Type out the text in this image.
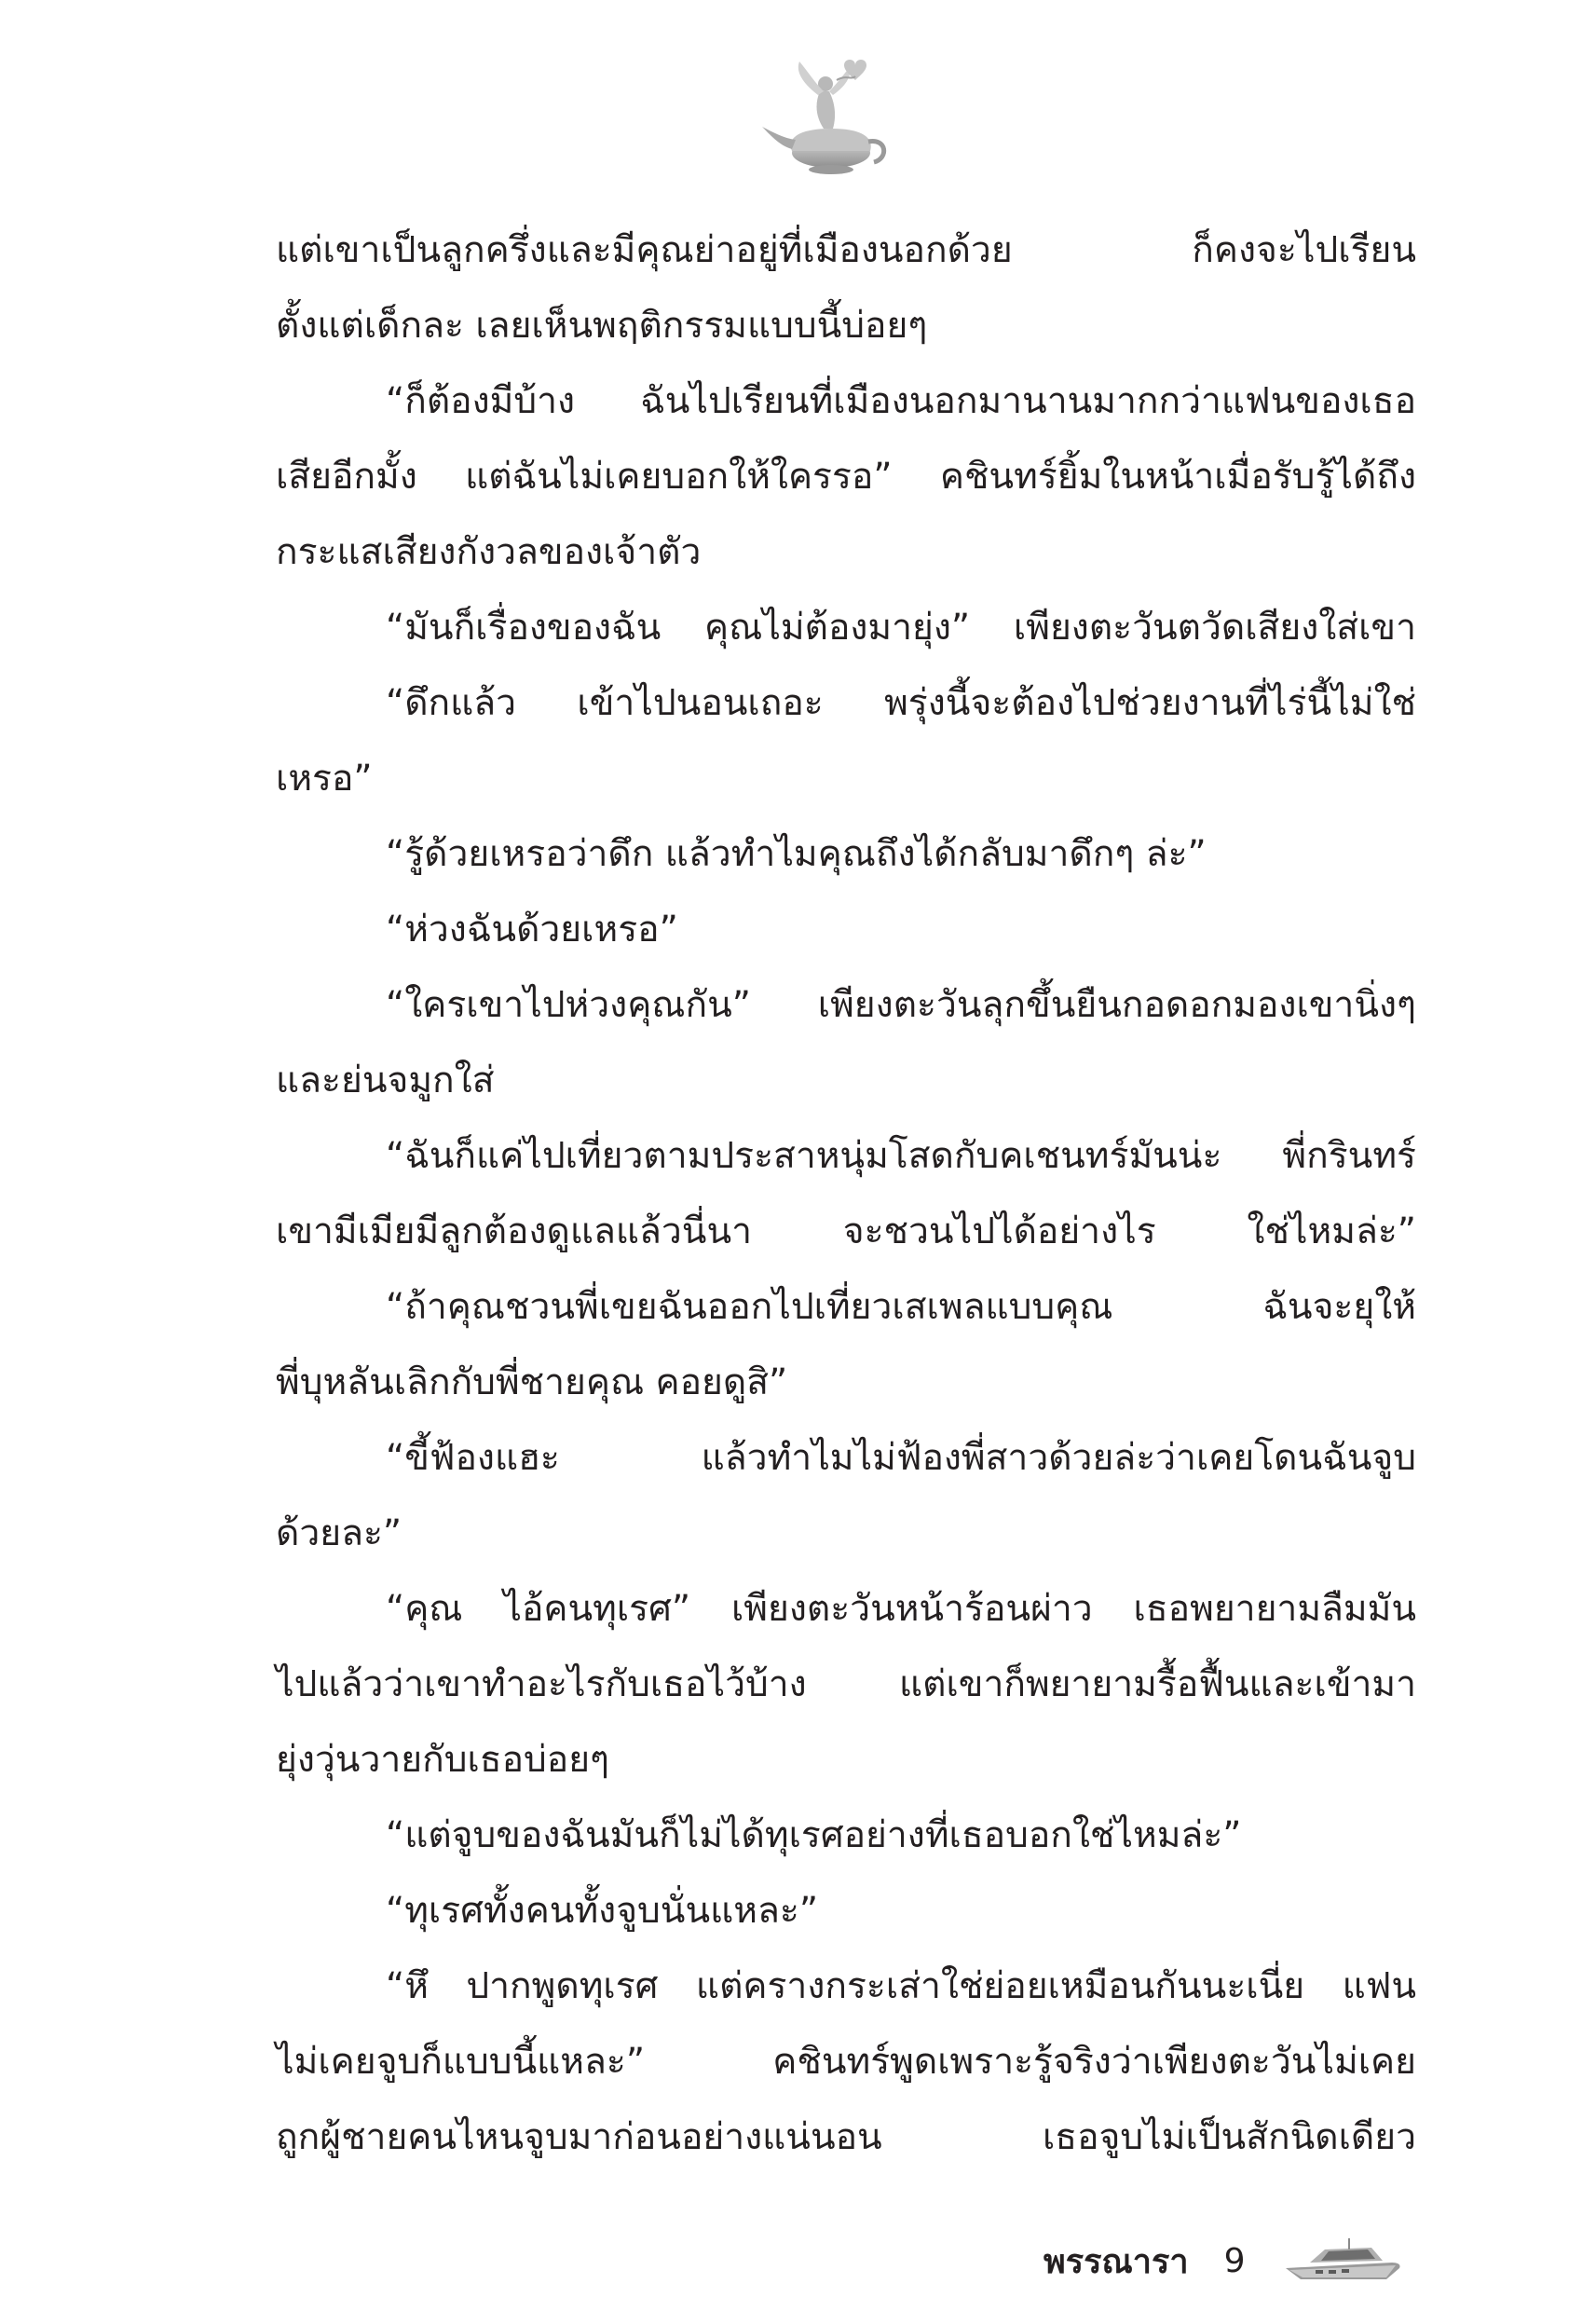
แต่เขาเป็นลูกครึ่งและมีคุณย่าอยู่ที่เมืองนอกด้วย ก็คงจะไปเรียน
ตั้งแต่เด็กละ เลยเห็นพฤติกรรมแบบนี้บ่อยๆ
“ก็ต้องมีบ้าง ฉันไปเรียนที่เมืองนอกมานานมากกว่าแฟนของเธอ
เสียอีกมั้ง แต่ฉันไม่เคยบอกให้ใครรอ” คชินทร์ยิ้มในหน้าเมื่อรับรู้ได้ถึง
กระแสเสียงกังวลของเจ้าตัว
“มันก็เรื่องของฉัน คุณไม่ต้องมายุ่ง” เพียงตะวันตวัดเสียงใส่เขา
“ดึกแล้ว เข้าไปนอนเถอะ พรุ่งนี้จะต้องไปช่วยงานที่ไร่นี้ไม่ใช่
เหรอ”
“รู้ด้วยเหรอว่าดึก แล้วทำไมคุณถึงได้กลับมาดึกๆ ล่ะ”
“ห่วงฉันด้วยเหรอ”
“ใครเขาไปห่วงคุณกัน” เพียงตะวันลุกขึ้นยืนกอดอกมองเขานิ่งๆ
และย่นจมูกใส่
“ฉันก็แค่ไปเที่ยวตามประสาหนุ่มโสดกับคเชนทร์มันน่ะ พี่กรินทร์
เขามีเมียมีลูกต้องดูแลแล้วนี่นา จะชวนไปได้อย่างไร ใช่ไหมล่ะ”
“ถ้าคุณชวนพี่เขยฉันออกไปเที่ยวเสเพลแบบคุณ ฉันจะยุให้
พี่บุหลันเลิกกับพี่ชายคุณ คอยดูสิ”
“ขี้ฟ้องแฮะ แล้วทำไมไม่ฟ้องพี่สาวด้วยล่ะว่าเคยโดนฉันจูบ
ด้วยละ”
“คุณ ไอ้คนทุเรศ” เพียงตะวันหน้าร้อนผ่าว เธอพยายามลืมมัน
ไปแล้วว่าเขาทำอะไรกับเธอไว้บ้าง แต่เขาก็พยายามรื้อฟื้นและเข้ามา
ยุ่งวุ่นวายกับเธอบ่อยๆ
“แต่จูบของฉันมันก็ไม่ได้ทุเรศอย่างที่เธอบอกใช่ไหมล่ะ”
“ทุเรศทั้งคนทั้งจูบนั่นแหละ”
“หึ ปากพูดทุเรศ แต่ครางกระเส่าใช่ย่อยเหมือนกันนะเนี่ย แฟน
ไม่เคยจูบก็แบบนี้แหละ” คชินทร์พูดเพราะรู้จริงว่าเพียงตะวันไม่เคย
ถูกผู้ชายคนไหนจูบมาก่อนอย่างแน่นอน เธอจูบไม่เป็นสักนิดเดียว
พรรณารา 9
